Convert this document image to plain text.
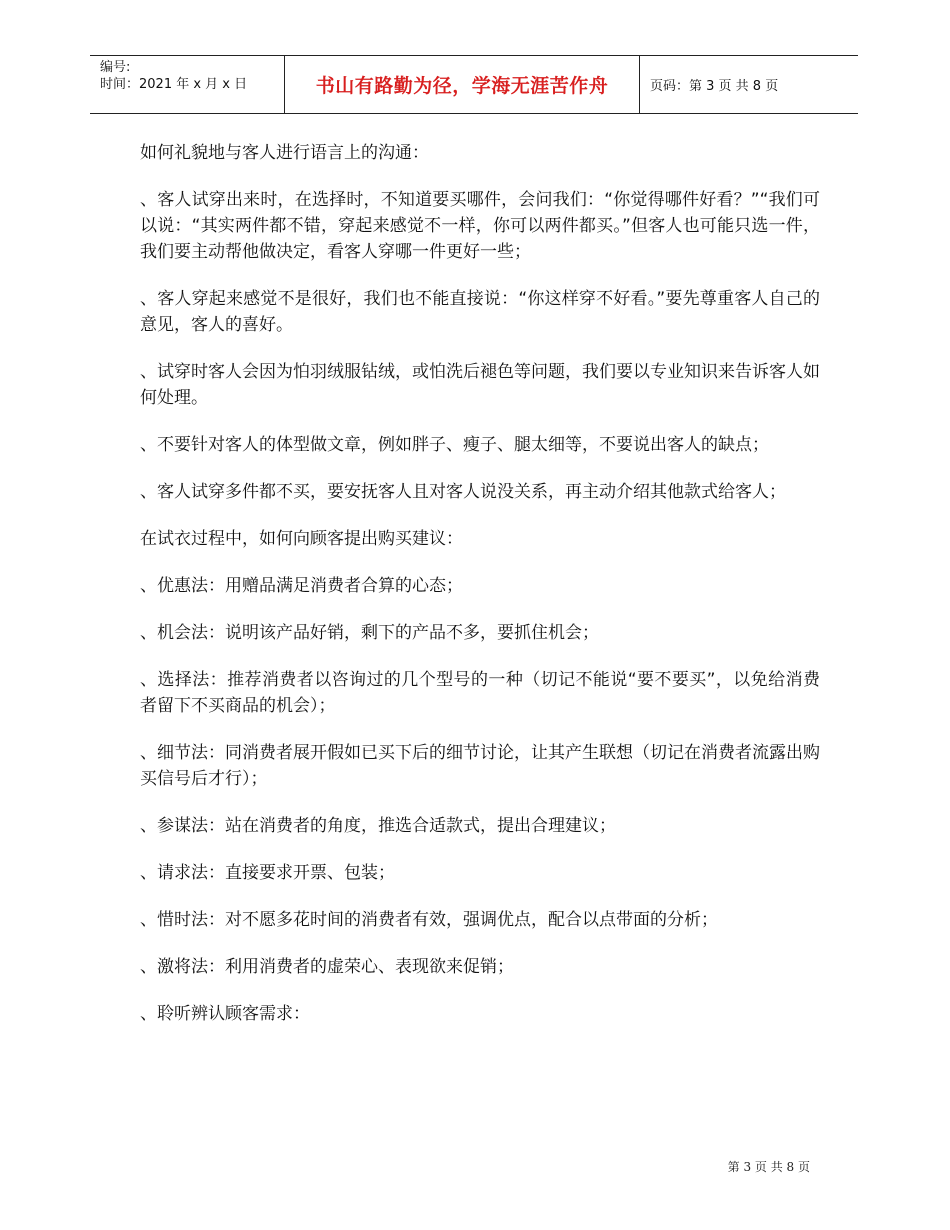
编号:
时间：2021 年 x 月 x 日	书山有路勤为径，学海无涯苦作舟	页码：第 3 页 共 8 页

如何礼貌地与客人进行语言上的沟通：

、客人试穿出来时，在选择时，不知道要买哪件，会问我们：“你觉得哪件好看？”“我们可以说：“其实两件都不错，穿起来感觉不一样，你可以两件都买。”但客人也可能只选一件，我们要主动帮他做决定，看客人穿哪一件更好一些；

、客人穿起来感觉不是很好，我们也不能直接说：“你这样穿不好看。”要先尊重客人自己的意见，客人的喜好。

、试穿时客人会因为怕羽绒服钻绒，或怕洗后褪色等问题，我们要以专业知识来告诉客人如何处理。

、不要针对客人的体型做文章，例如胖子、瘦子、腿太细等，不要说出客人的缺点；

、客人试穿多件都不买，要安抚客人且对客人说没关系，再主动介绍其他款式给客人；

在试衣过程中，如何向顾客提出购买建议：

、优惠法：用赠品满足消费者合算的心态；

、机会法：说明该产品好销，剩下的产品不多，要抓住机会；

、选择法：推荐消费者以咨询过的几个型号的一种（切记不能说“要不要买”，以免给消费者留下不买商品的机会）；

、细节法：同消费者展开假如已买下后的细节讨论，让其产生联想（切记在消费者流露出购买信号后才行）；

、参谋法：站在消费者的角度，推选合适款式，提出合理建议；

、请求法：直接要求开票、包装；

、惜时法：对不愿多花时间的消费者有效，强调优点，配合以点带面的分析；

、激将法：利用消费者的虚荣心、表现欲来促销；

、聆听辨认顾客需求：

第 3 页 共 8 页
